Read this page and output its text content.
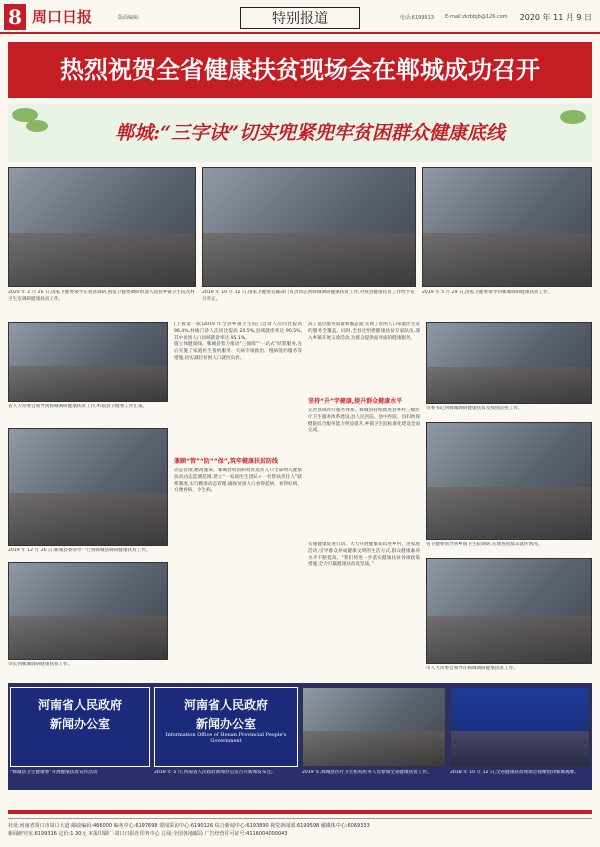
8 周口日报	版面编辑:	特别报道	电话:6199913 E-mail:zkrbbjb@126.com 2020 年 11 月 9 日
热烈祝贺全省健康扶贫现场会在郸城成功召开
郸城:“三字诀”切实兜紧兜牢贫困群众健康底线
2020 年 2 月 26 日,国家卫健委领导在我县调研,国家卫健委调研组深入我县乡镇卫生院及村卫生室调研健康扶贫工作。
2019 年 10 月 12 日,国家卫健委直属部门负责同志到郸城调研健康扶贫工作,对我县健康扶贫工作给予充分肯定。
2019 年 5 月 29 日,国家卫健委领导到郸城调研健康扶贫工作。
省人大常委会领导到郸城调研健康扶贫工作,听取县卫健委工作汇报。
2019 年 12 月 26 日,郸城县委领导一行到郸城县调研健康扶贫工作。
市长到郸城调研健康扶贫工作。
(上接第一版)2019 年全县乡镇卫生院门急诊人次同比提高 96.4%,村级门诊人次同比提高 24.5%,县域就诊率达 90.5%,其中贫困人口县域就诊率达 95.1%。
施立体健康线。郸城县着力推动“三保障”“一站式”结算服务,先后实施了家庭医生签约服务、大病专项救治、慢病签约服务等措施,切实减轻贫困人口就医负担。
兼顾“管”“防”“保”,筑牢健康扶贫防线
动态管理,精准施策。郸城县将因病致贫返贫人口全部纳入健康扶贫动态监测范围,建立“一家庭医生团队+一名帮扶责任人”联系制度,实行精准动态管理,确保贫困人口看得起病、看得好病、方便看病、少生病。
高了基层服务质量和覆盖面,实现了贫困人口家庭医生签约服务全覆盖。同时,全县还组建健康扶贫专家队伍,深入乡镇开展义诊活动,为群众提供面对面的健康服务。
坚持“升”字健康,提升群众健康水平
完善县域医疗服务体系。郸城县持续推进县乡村三级医疗卫生服务体系建设,县人民医院、县中医院、县妇幼保健院综合服务能力明显提升,乡镇卫生院标准化建设全面完成。
实施健康促进行动。大力开展健康知识进乡村、进家庭活动,引导群众养成健康文明的生活方式,群众健康素养水平不断提高。“我们将进一步落实健康扶贫各项政策措施,全力打赢健康扶贫攻坚战。”
市委书记到郸城调研健康扶贫及疫情防控工作。
省卫健委领导到乡镇卫生院调研,实地查看群众就医情况。
市人大常委会领导在郸城调研健康扶贫工作。
河南省人民政府
新闻办公室
河南省人民政府
新闻办公室
Information Office of Henan Provincial People's Government
“郸城县卫生健康委”开展健康扶贫宣传活动	2019 年 5 月,河南省人民政府新闻办公室召开新闻发布会。	2019 年,郸城县医疗卫生机构医务人员参加全省健康扶贫工作。	2018 年 10 月 12 日,全省健康扶贫现场会观摩团到郸城观摩。
社址:河南省周口市周口大道 邮政编码:466000 编务中心:6197698 要闻采访中心:6190126 综合新闻中心:6193890 视觉新闻部:6199598 融媒体中心:6069333
新闻研究室:6199316 定价:1.30元 本报印刷厂:周口日报社印务中心 订阅:全国各地邮局 广告经营许可证号:4116004000043
